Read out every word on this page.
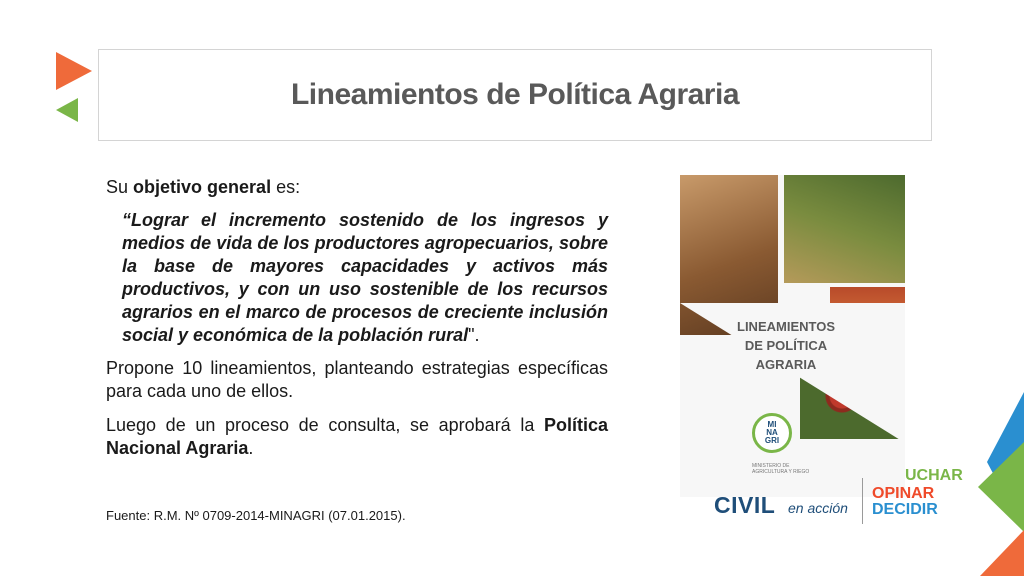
Lineamientos de Política Agraria

Su objetivo general es:

“Lograr el incremento sostenido de los ingresos y medios de vida de los productores agropecuarios, sobre la base de mayores capacidades y activos más productivos, y con un uso sostenible de los recursos agrarios en el marco de procesos de creciente inclusión social y económica de la población rural".

Propone 10 lineamientos, planteando estrategias específicas para cada uno de ellos.

Luego de un proceso de consulta, se aprobará la Política Nacional Agraria.

Fuente: R.M. Nº 0709-2014-MINAGRI (07.01.2015).
LINEAMIENTOS
DE POLÍTICA
AGRARIA
MI
NA
GRI
MINISTERIO DE AGRICULTURA Y RIEGO
CIVIL en acción
UCHAR
OPINAR
DECIDIR
